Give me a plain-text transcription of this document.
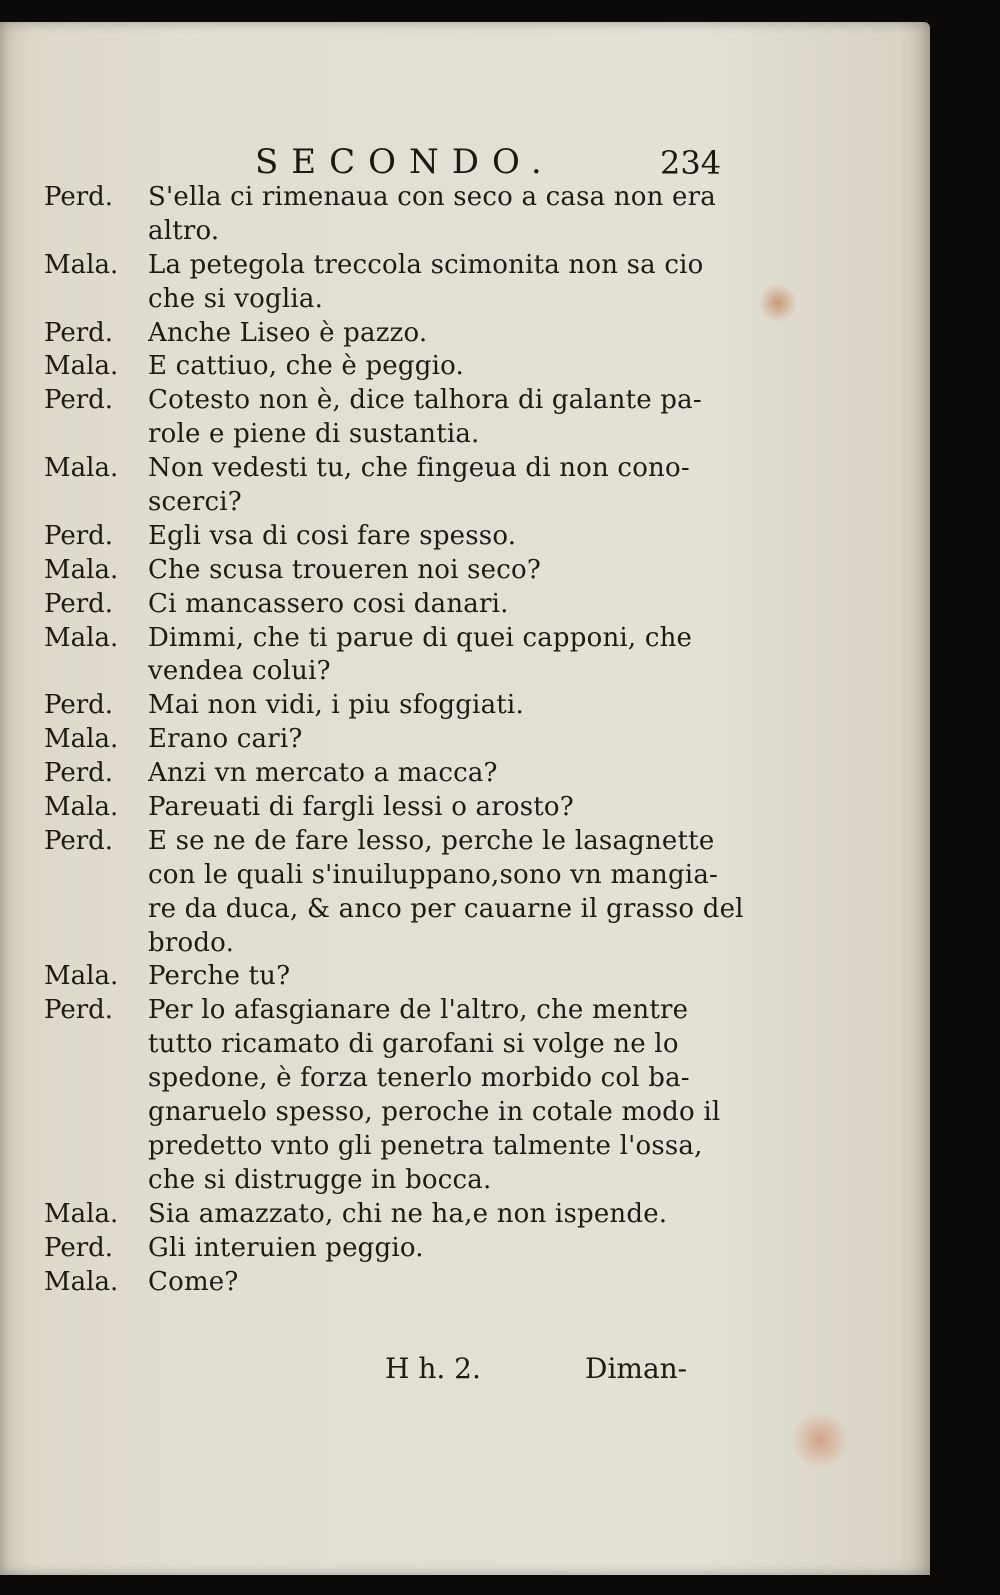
SECONDO.	234
Perd. S'ella ci rimenaua con seco a casa non era
altro.
Mala. La petegola treccola scimonita non sa cio
che si voglia.
Perd. Anche Liseo è pazzo.
Mala. E cattiuo, che è peggio.
Perd. Cotesto non è, dice talhora di galante pa-
role e piene di sustantia.
Mala. Non vedesti tu, che fingeua di non cono-
scerci?
Perd. Egli vsa di cosi fare spesso.
Mala. Che scusa troueren noi seco?
Perd. Ci mancassero cosi danari.
Mala. Dimmi, che ti parue di quei capponi, che
vendea colui?
Perd. Mai non vidi, i piu sfoggiati.
Mala. Erano cari?
Perd. Anzi vn mercato a macca?
Mala. Pareuati di fargli lessi o arosto?
Perd. E se ne de fare lesso, perche le lasagnette
con le quali s'inuiluppano,sono vn mangia-
re da duca, & anco per cauarne il grasso del
brodo.
Mala. Perche tu?
Perd. Per lo afasgianare de l'altro, che mentre
tutto ricamato di garofani si volge ne lo
spedone, è forza tenerlo morbido col ba-
gnaruelo spesso, peroche in cotale modo il
predetto vnto gli penetra talmente l'ossa,
che si distrugge in bocca.
Mala. Sia amazzato, chi ne ha,e non ispende.
Perd. Gli interuien peggio.
Mala. Come?
H h. 2.	Diman-
